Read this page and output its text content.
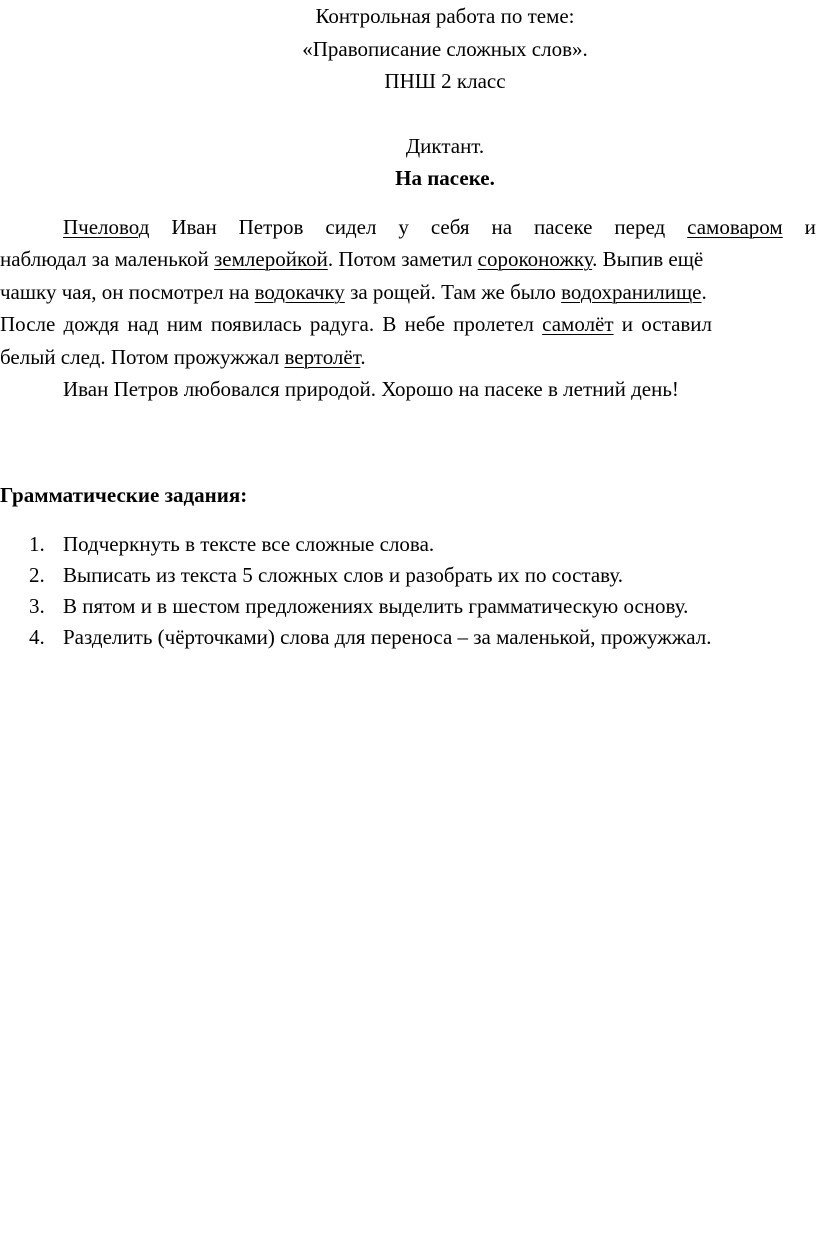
Контрольная работа по теме:
«Правописание сложных слов».
ПНШ 2 класс
Диктант.
На пасеке.
Пчеловод Иван Петров сидел у себя на пасеке перед самоваром и
наблюдал за маленькой землеройкой. Потом заметил сороконожку. Выпив ещё
чашку чая, он посмотрел на водокачку за рощей. Там же было водохранилище.
После дождя над ним появилась радуга. В небе пролетел самолёт и оставил
белый след. Потом прожужжал вертолёт.
Иван Петров любовался природой. Хорошо на пасеке в летний день!
Грамматические задания:
1. Подчеркнуть в тексте все сложные слова.
2. Выписать из текста 5 сложных слов и разобрать их по составу.
3. В пятом и в шестом предложениях выделить грамматическую основу.
4. Разделить (чёрточками) слова для переноса – за маленькой, прожужжал.
